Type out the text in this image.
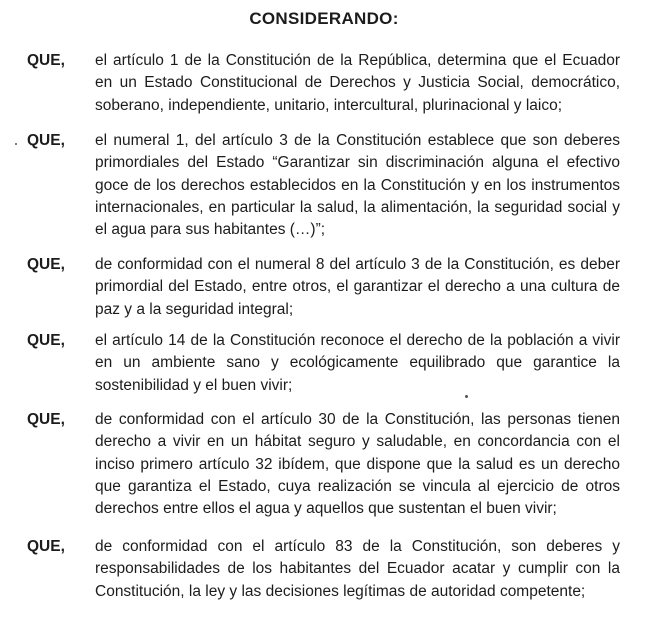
CONSIDERANDO:
QUE, el artículo 1 de la Constitución de la República, determina que el Ecuador en un Estado Constitucional de Derechos y Justicia Social, democrático, soberano, independiente, unitario, intercultural, plurinacional y laico;
QUE, el numeral 1, del artículo 3 de la Constitución establece que son deberes primordiales del Estado “Garantizar sin discriminación alguna el efectivo goce de los derechos establecidos en la Constitución y en los instrumentos internacionales, en particular la salud, la alimentación, la seguridad social y el agua para sus habitantes (…)”;
QUE, de conformidad con el numeral 8 del artículo 3 de la Constitución, es deber primordial del Estado, entre otros, el garantizar el derecho a una cultura de paz y a la seguridad integral;
QUE, el artículo 14 de la Constitución reconoce el derecho de la población a vivir en un ambiente sano y ecológicamente equilibrado que garantice la sostenibilidad y el buen vivir;
QUE, de conformidad con el artículo 30 de la Constitución, las personas tienen derecho a vivir en un hábitat seguro y saludable, en concordancia con el inciso primero artículo 32 ibídem, que dispone que la salud es un derecho que garantiza el Estado, cuya realización se vincula al ejercicio de otros derechos entre ellos el agua y aquellos que sustentan el buen vivir;
QUE, de conformidad con el artículo 83 de la Constitución, son deberes y responsabilidades de los habitantes del Ecuador acatar y cumplir con la Constitución, la ley y las decisiones legítimas de autoridad competente;
